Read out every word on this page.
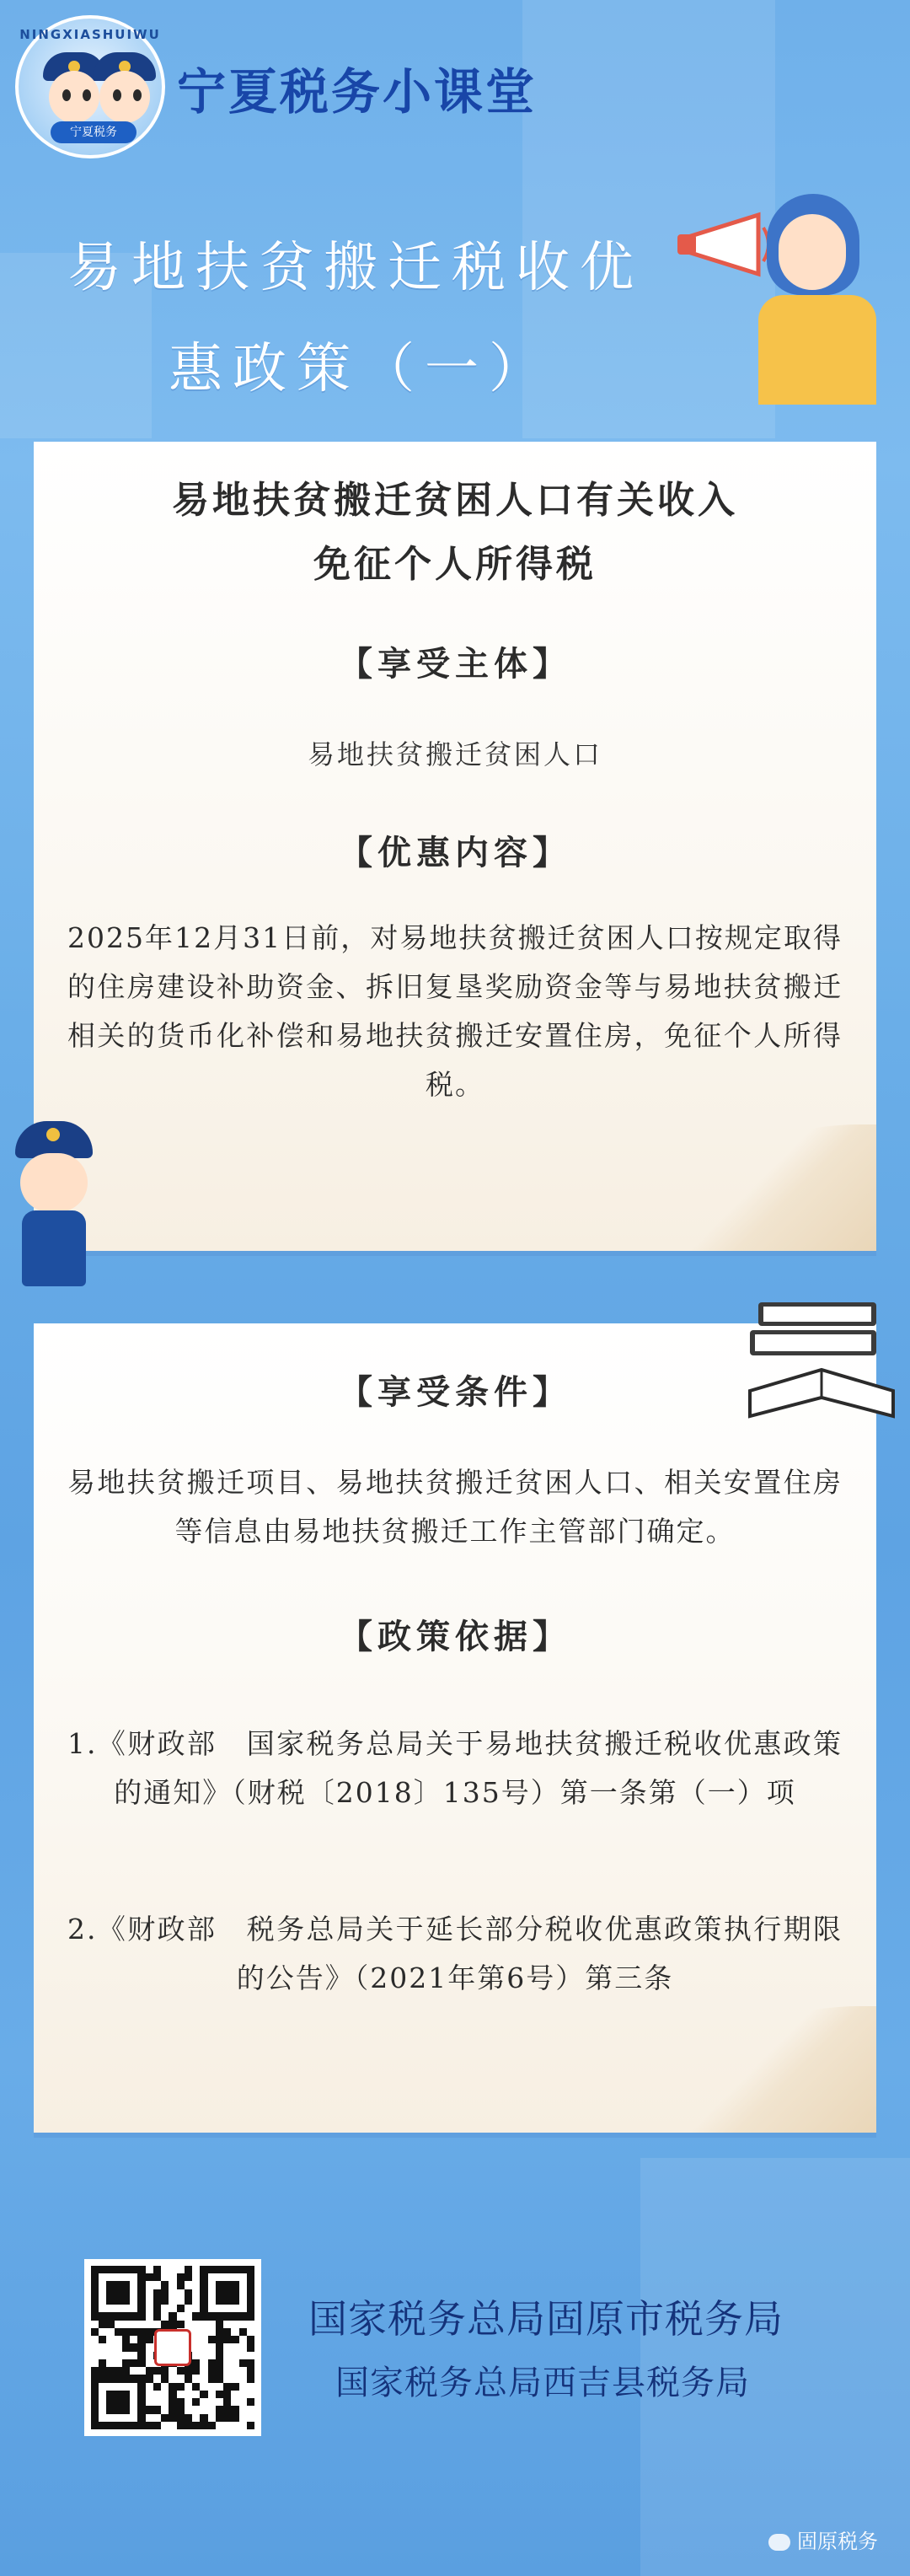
NINGXIASHUIWU
宁夏税务
宁夏税务小课堂
易地扶贫搬迁税收优
惠政策（一）
易地扶贫搬迁贫困人口有关收入
免征个人所得税
【享受主体】
易地扶贫搬迁贫困人口
【优惠内容】
2025年12月31日前，对易地扶贫搬迁贫困人口按规定取得的住房建设补助资金、拆旧复垦奖励资金等与易地扶贫搬迁相关的货币化补偿和易地扶贫搬迁安置住房，免征个人所得税。
【享受条件】
易地扶贫搬迁项目、易地扶贫搬迁贫困人口、相关安置住房等信息由易地扶贫搬迁工作主管部门确定。
【政策依据】
1.《财政部　国家税务总局关于易地扶贫搬迁税收优惠政策的通知》（财税〔2018〕135号）第一条第（一）项
2.《财政部　税务总局关于延长部分税收优惠政策执行期限的公告》（2021年第6号）第三条
国家税务总局固原市税务局
国家税务总局西吉县税务局
固原税务
